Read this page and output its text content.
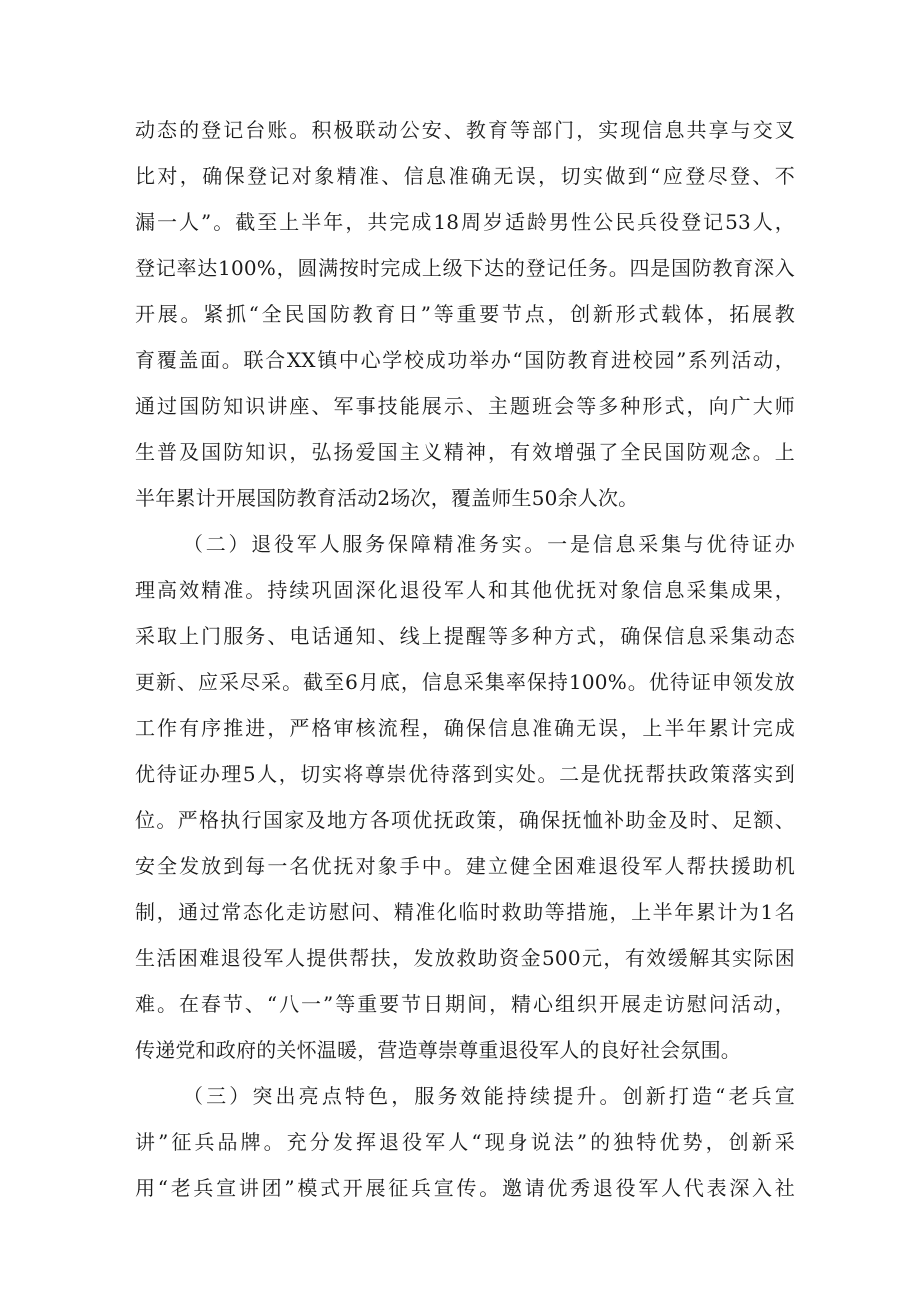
动态的登记台账。积极联动公安、教育等部门，实现信息共享与交叉
比对，确保登记对象精准、信息准确无误，切实做到“应登尽登、不
漏一人”。截至上半年，共完成18周岁适龄男性公民兵役登记53人，
登记率达100%，圆满按时完成上级下达的登记任务。四是国防教育深入
开展。紧抓“全民国防教育日”等重要节点，创新形式载体，拓展教
育覆盖面。联合XX镇中心学校成功举办“国防教育进校园”系列活动，
通过国防知识讲座、军事技能展示、主题班会等多种形式，向广大师
生普及国防知识，弘扬爱国主义精神，有效增强了全民国防观念。上
半年累计开展国防教育活动2场次，覆盖师生50余人次。
（二）退役军人服务保障精准务实。一是信息采集与优待证办
理高效精准。持续巩固深化退役军人和其他优抚对象信息采集成果，
采取上门服务、电话通知、线上提醒等多种方式，确保信息采集动态
更新、应采尽采。截至6月底，信息采集率保持100%。优待证申领发放
工作有序推进，严格审核流程，确保信息准确无误，上半年累计完成
优待证办理5人，切实将尊崇优待落到实处。二是优抚帮扶政策落实到
位。严格执行国家及地方各项优抚政策，确保抚恤补助金及时、足额、
安全发放到每一名优抚对象手中。建立健全困难退役军人帮扶援助机
制，通过常态化走访慰问、精准化临时救助等措施，上半年累计为1名
生活困难退役军人提供帮扶，发放救助资金500元，有效缓解其实际困
难。在春节、“八一”等重要节日期间，精心组织开展走访慰问活动，
传递党和政府的关怀温暖，营造尊崇尊重退役军人的良好社会氛围。
（三）突出亮点特色，服务效能持续提升。创新打造“老兵宣
讲”征兵品牌。充分发挥退役军人“现身说法”的独特优势，创新采
用“老兵宣讲团”模式开展征兵宣传。邀请优秀退役军人代表深入社
